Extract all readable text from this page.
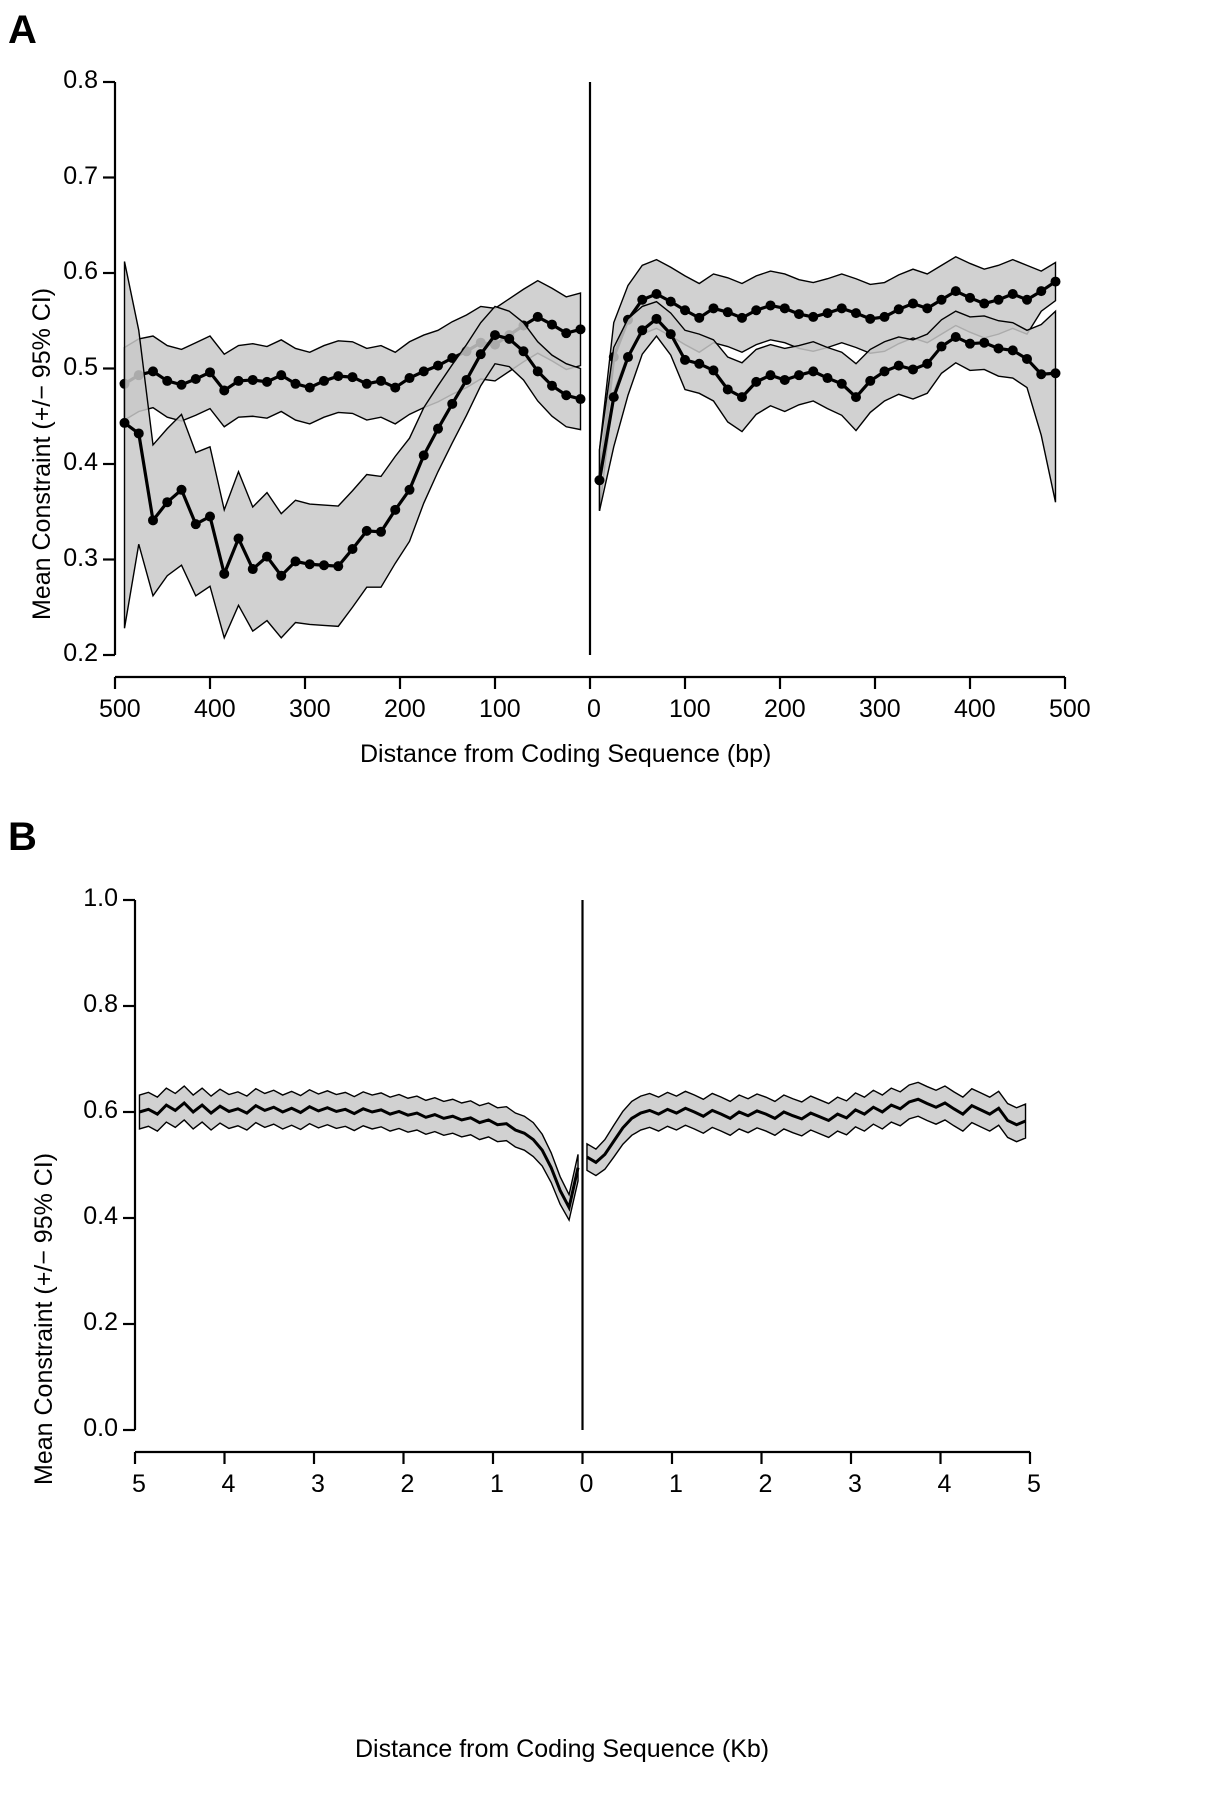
A
Mean Constraint (+/− 95% CI)
Distance from Coding Sequence (bp)
B
Mean Constraint (+/− 95% CI)
Distance from Coding Sequence (Kb)
0.2
0.3
0.4
0.5
0.6
0.7
0.8
500 400 300 200 100	0	100 200 300 400 500
0.0
0.2
0.4
0.6
0.8
1.0
5	4	3	2	1	0	1	2	3	4	5
